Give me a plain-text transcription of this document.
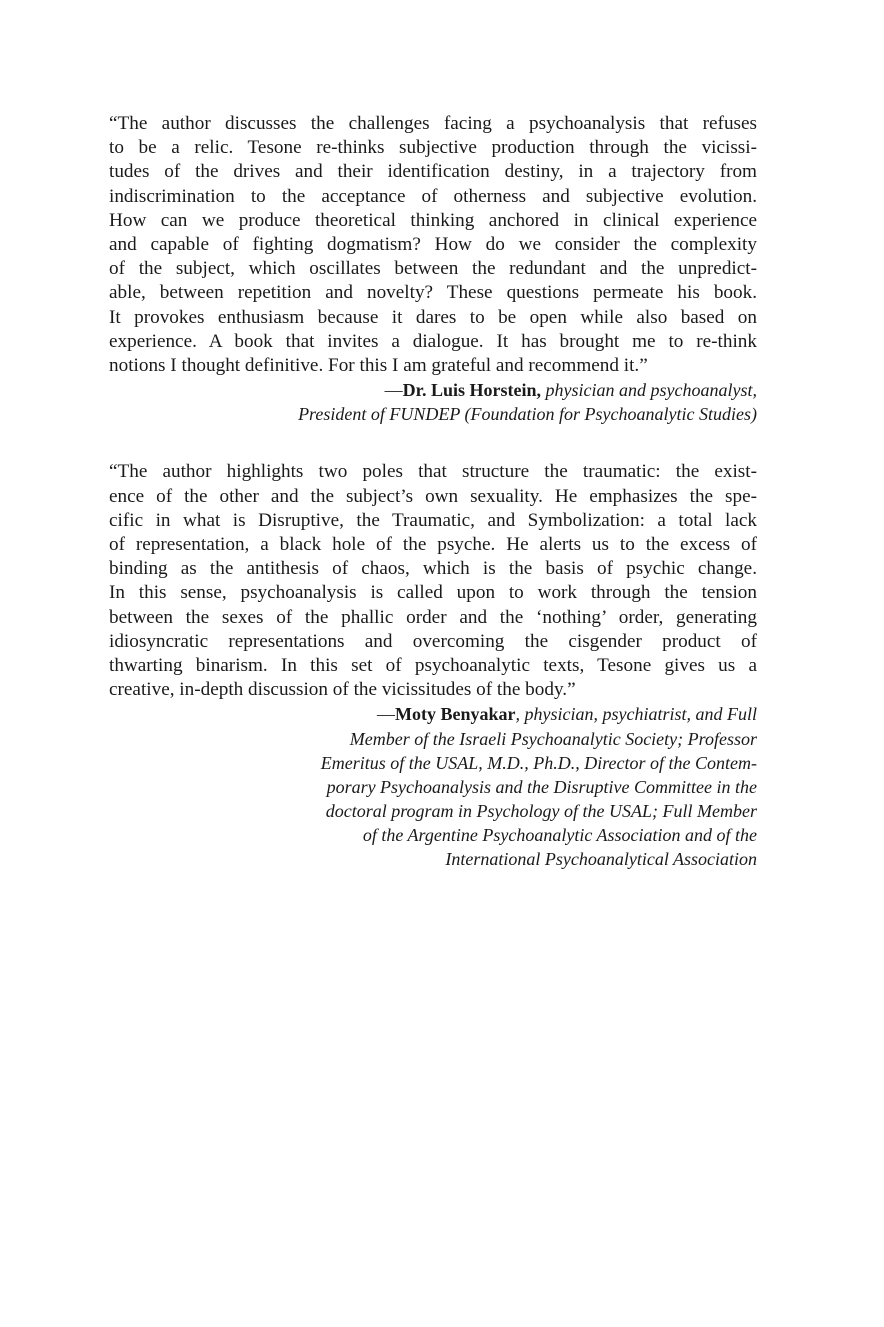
“The author discusses the challenges facing a psychoanalysis that refuses
to be a relic. Tesone re-thinks subjective production through the vicissi-
tudes of the drives and their identification destiny, in a trajectory from
indiscrimination to the acceptance of otherness and subjective evolution.
How can we produce theoretical thinking anchored in clinical experience
and capable of fighting dogmatism? How do we consider the complexity
of the subject, which oscillates between the redundant and the unpredict-
able, between repetition and novelty? These questions permeate his book.
It provokes enthusiasm because it dares to be open while also based on
experience. A book that invites a dialogue. It has brought me to re-think
notions I thought definitive. For this I am grateful and recommend it.”
—Dr. Luis Horstein, physician and psychoanalyst,
President of FUNDEP (Foundation for Psychoanalytic Studies)
“The author highlights two poles that structure the traumatic: the exist-
ence of the other and the subject’s own sexuality. He emphasizes the spe-
cific in what is Disruptive, the Traumatic, and Symbolization: a total lack
of representation, a black hole of the psyche. He alerts us to the excess of
binding as the antithesis of chaos, which is the basis of psychic change.
In this sense, psychoanalysis is called upon to work through the tension
between the sexes of the phallic order and the ‘nothing’ order, generating
idiosyncratic representations and overcoming the cisgender product of
thwarting binarism. In this set of psychoanalytic texts, Tesone gives us a
creative, in-depth discussion of the vicissitudes of the body.”
—Moty Benyakar, physician, psychiatrist, and Full
Member of the Israeli Psychoanalytic Society; Professor
Emeritus of the USAL, M.D., Ph.D., Director of the Contem-
porary Psychoanalysis and the Disruptive Committee in the
doctoral program in Psychology of the USAL; Full Member
of the Argentine Psychoanalytic Association and of the
International Psychoanalytical Association
